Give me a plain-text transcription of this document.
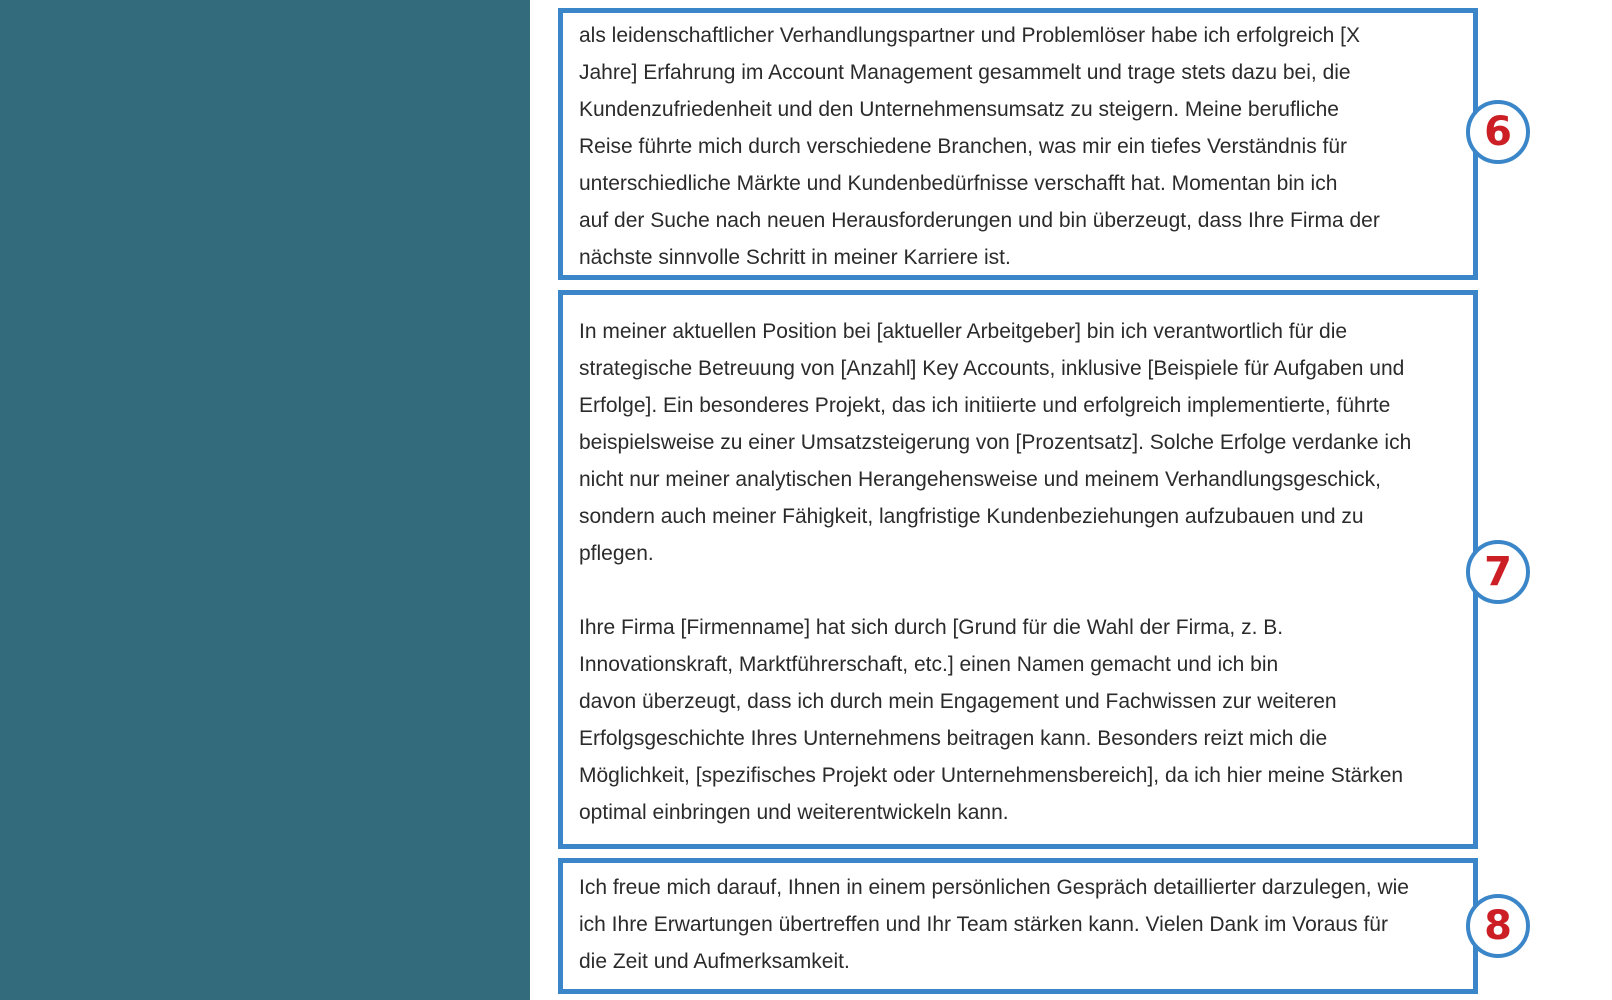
als leidenschaftlicher Verhandlungspartner und Problemlöser habe ich erfolgreich [X
Jahre] Erfahrung im Account Management gesammelt und trage stets dazu bei, die
Kundenzufriedenheit und den Unternehmensumsatz zu steigern. Meine berufliche
Reise führte mich durch verschiedene Branchen, was mir ein tiefes Verständnis für
unterschiedliche Märkte und Kundenbedürfnisse verschafft hat. Momentan bin ich
auf der Suche nach neuen Herausforderungen und bin überzeugt, dass Ihre Firma der
nächste sinnvolle Schritt in meiner Karriere ist.

6

In meiner aktuellen Position bei [aktueller Arbeitgeber] bin ich verantwortlich für die
strategische Betreuung von [Anzahl] Key Accounts, inklusive [Beispiele für Aufgaben und
Erfolge]. Ein besonderes Projekt, das ich initiierte und erfolgreich implementierte, führte
beispielsweise zu einer Umsatzsteigerung von [Prozentsatz]. Solche Erfolge verdanke ich
nicht nur meiner analytischen Herangehensweise und meinem Verhandlungsgeschick,
sondern auch meiner Fähigkeit, langfristige Kundenbeziehungen aufzubauen und zu
pflegen.

Ihre Firma [Firmenname] hat sich durch [Grund für die Wahl der Firma, z. B.
Innovationskraft, Marktführerschaft, etc.] einen Namen gemacht und ich bin
davon überzeugt, dass ich durch mein Engagement und Fachwissen zur weiteren
Erfolgsgeschichte Ihres Unternehmens beitragen kann. Besonders reizt mich die
Möglichkeit, [spezifisches Projekt oder Unternehmensbereich], da ich hier meine Stärken
optimal einbringen und weiterentwickeln kann.

7

Ich freue mich darauf, Ihnen in einem persönlichen Gespräch detaillierter darzulegen, wie
ich Ihre Erwartungen übertreffen und Ihr Team stärken kann. Vielen Dank im Voraus für
die Zeit und Aufmerksamkeit.

8
